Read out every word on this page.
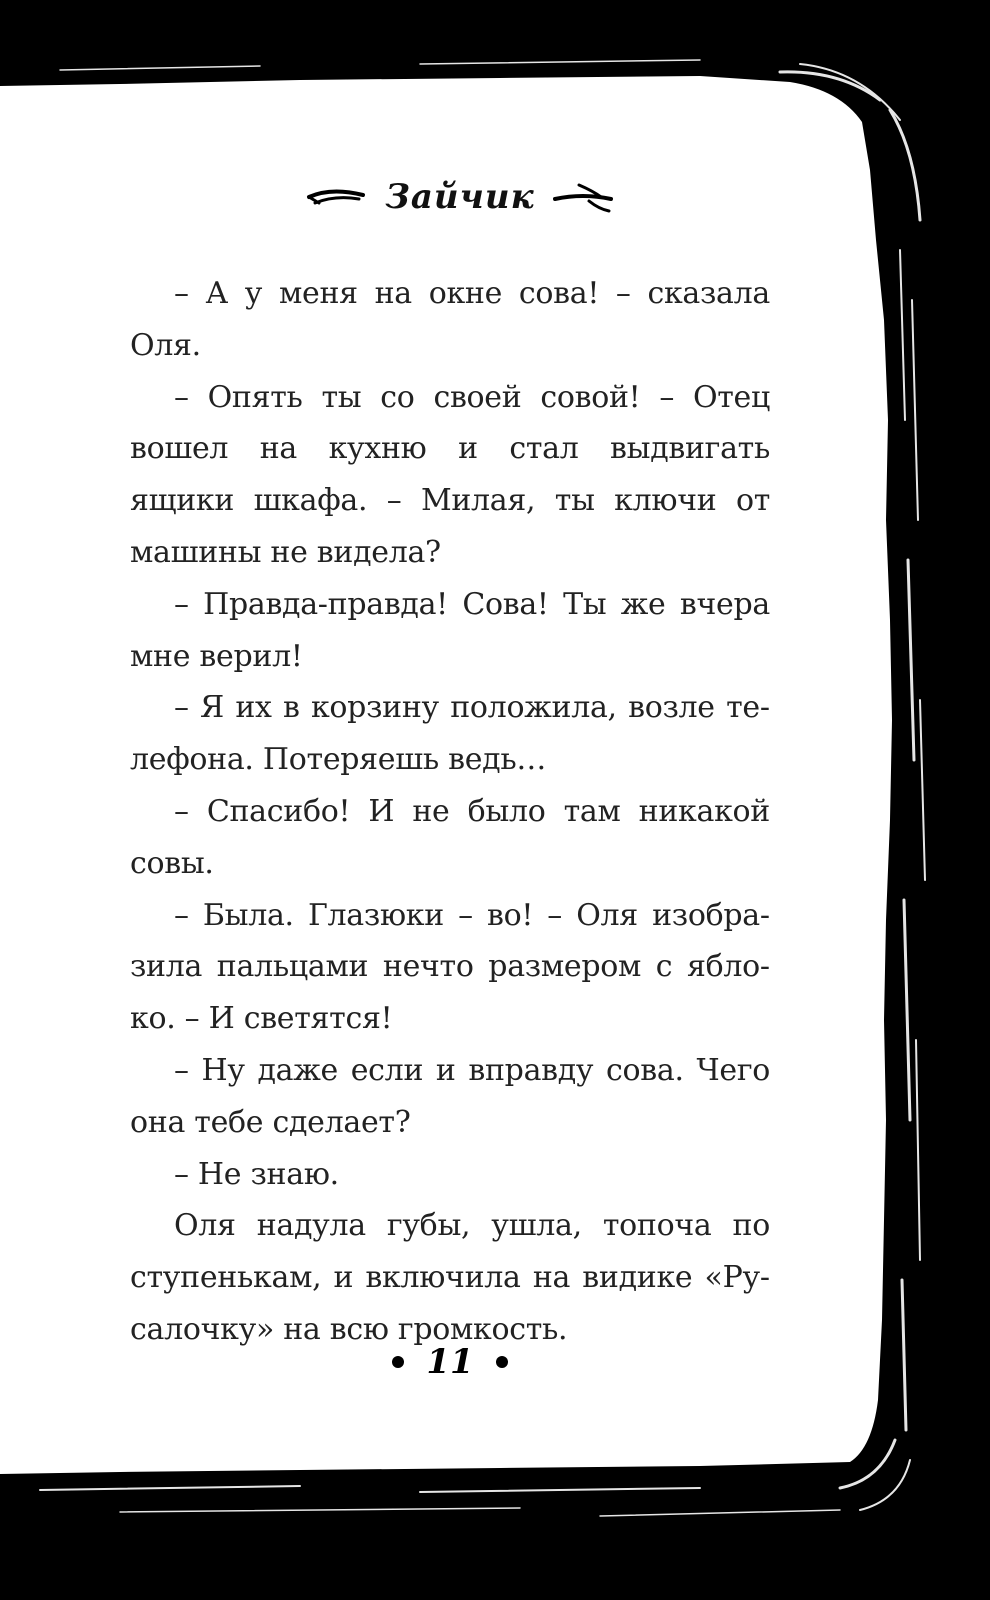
Зайчик

– А у меня на окне сова! – сказала Оля.

– Опять ты со своей совой! – Отец вошел на кухню и стал выдвигать ящики шкафа. – Милая, ты ключи от машины не видела?

– Правда-правда! Сова! Ты же вчера мне верил!

– Я их в корзину положила, возле телефона. Потеряешь ведь…

– Спасибо! И не было там никакой совы.

– Была. Глазюки – во! – Оля изобразила пальцами нечто размером с яблоко. – И светятся!

– Ну даже если и вправду сова. Чего она тебе сделает?

– Не знаю.

Оля надула губы, ушла, топоча по ступенькам, и включила на видике «Русалочку» на всю громкость.

11
